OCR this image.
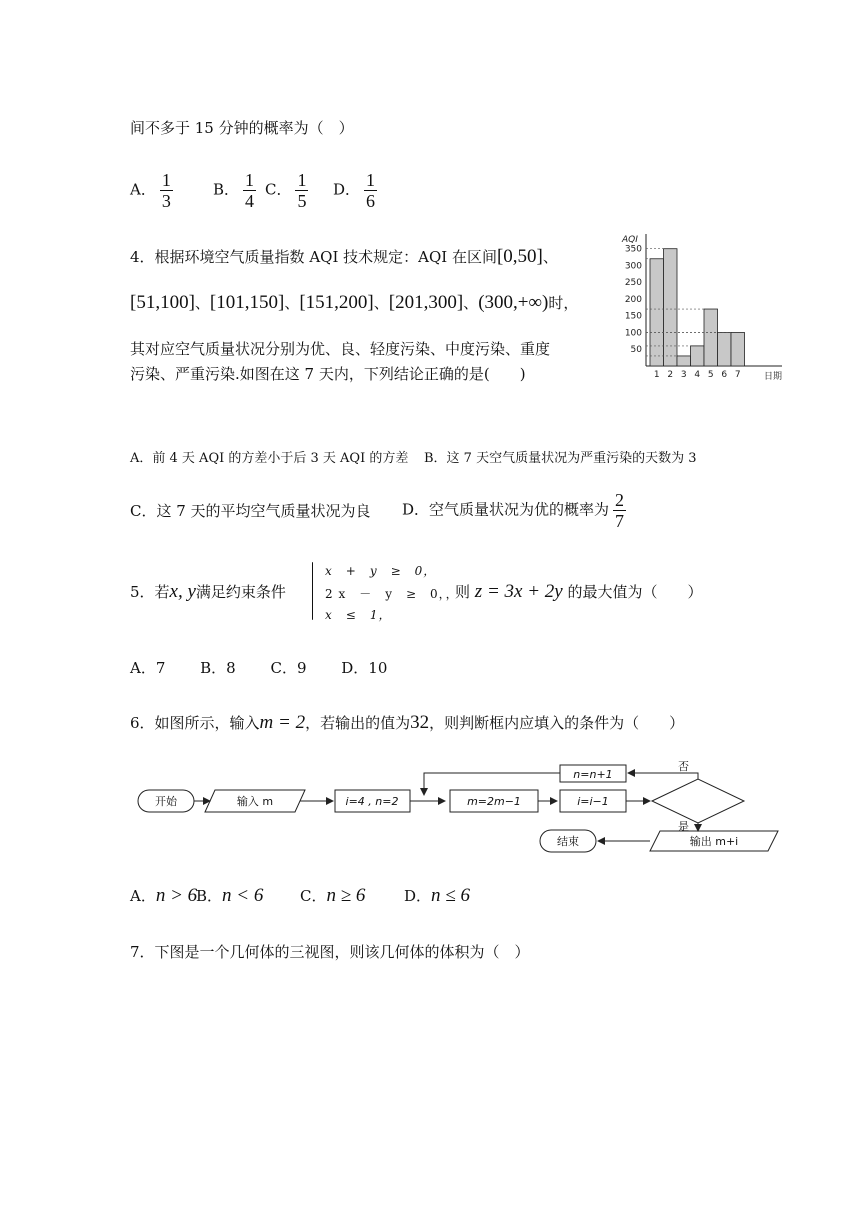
间不多于 15 分钟的概率为（　）
A． $\frac{1}{3}$	B． $\frac{1}{4}$ C． $\frac{1}{5}$ D． $\frac{1}{6}$
4．根据环境空气质量指数 AQI 技术规定：AQI 在区间[0,50]、
[51,100]、[101,150]、[151,200]、[201,300]、(300,+∞)时，
其对应空气质量状况分别为优、良、轻度污染、中度污染、重度
污染、严重污染.如图在这 7 天内，下列结论正确的是(　　)
AQI
50
100
150
200
250
300
350
1 2 3 4 5 6 7	日期
A．前 4 天 AQI 的方差小于后 3 天 AQI 的方差 B．这 7 天空气质量状况为严重污染的天数为 3
C．这 7 天的平均空气质量状况为良 D．空气质量状况为优的概率为 $\frac{2}{7}$
5．若x, y满足约束条件
x　+　y　≥　0，
2 x　－　y　≥　0，，
x　≤　1，
则 z = 3x + 2y 的最大值为（　　）
A．7　　 B．8　　 C．9　　 D．10
6．如图所示，输入m = 2，若输出的值为32，则判断框内应填入的条件为（　　）
开始	输入 m	i=4 , n=2	m=2m−1	i=i−1
n=n+1
否
是
结束	输出 m+i
A．n > 6
B．n < 6 C．n ≥ 6	D．n ≤ 6
7．下图是一个几何体的三视图，则该几何体的体积为（　）
